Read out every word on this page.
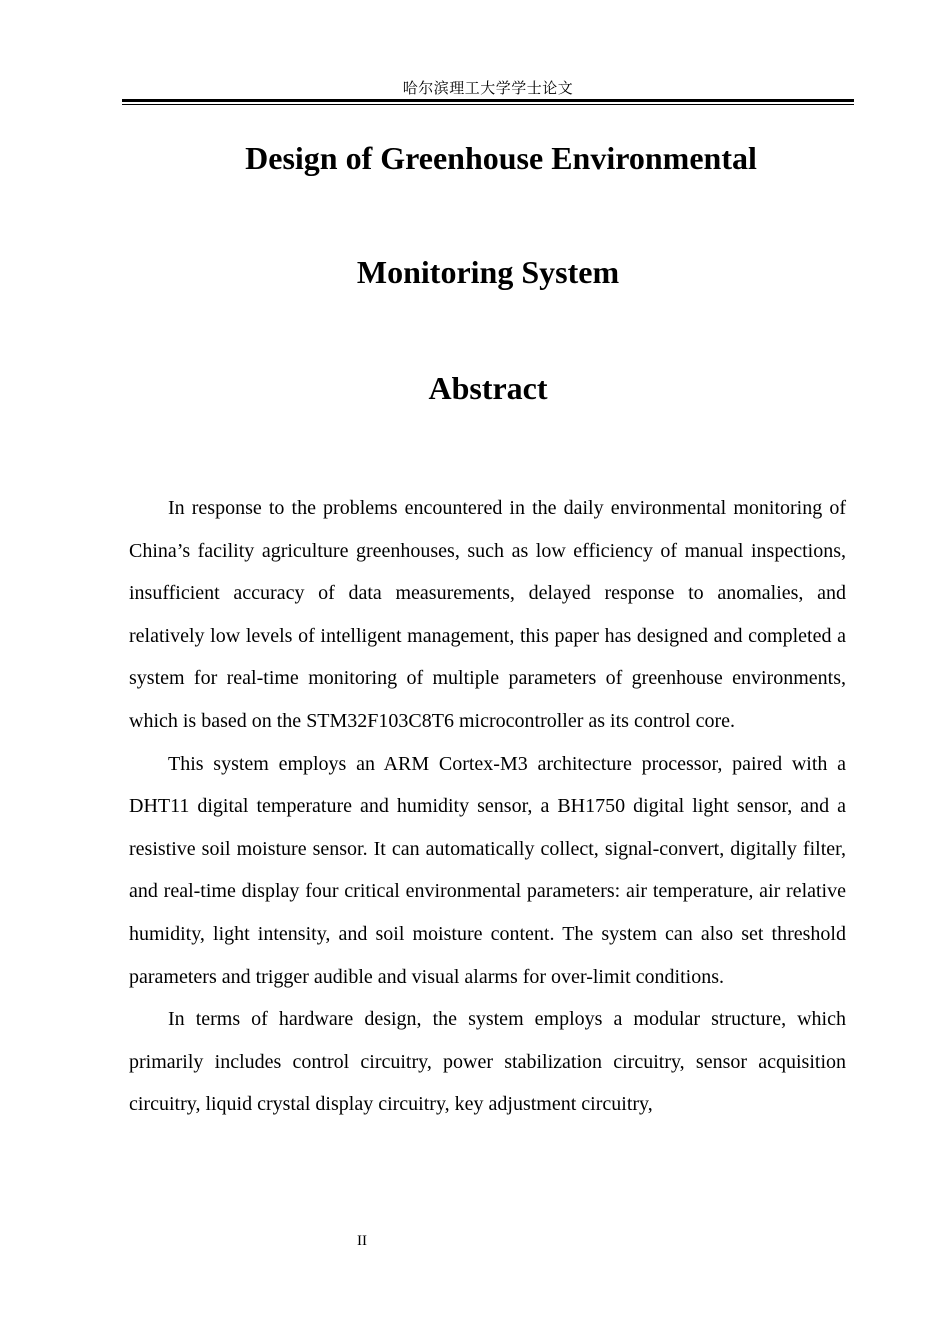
哈尔滨理工大学学士论文
Design of Greenhouse Environmental
Monitoring System
Abstract

In response to the problems encountered in the daily environmental monitoring of China’s facility agriculture greenhouses, such as low efficiency of manual inspections, insufficient accuracy of data measurements, delayed response to anomalies, and relatively low levels of intelligent management, this paper has designed and completed a system for real-time monitoring of multiple parameters of greenhouse environments, which is based on the STM32F103C8T6 microcontroller as its control core.

This system employs an ARM Cortex-M3 architecture processor, paired with a DHT11 digital temperature and humidity sensor, a BH1750 digital light sensor, and a resistive soil moisture sensor. It can automatically collect, signal-convert, digitally filter, and real-time display four critical environmental parameters: air temperature, air relative humidity, light intensity, and soil moisture content. The system can also set threshold parameters and trigger audible and visual alarms for over-limit conditions.

In terms of hardware design, the system employs a modular structure, which primarily includes control circuitry, power stabilization circuitry, sensor acquisition circuitry, liquid crystal display circuitry, key adjustment circuitry,

II
